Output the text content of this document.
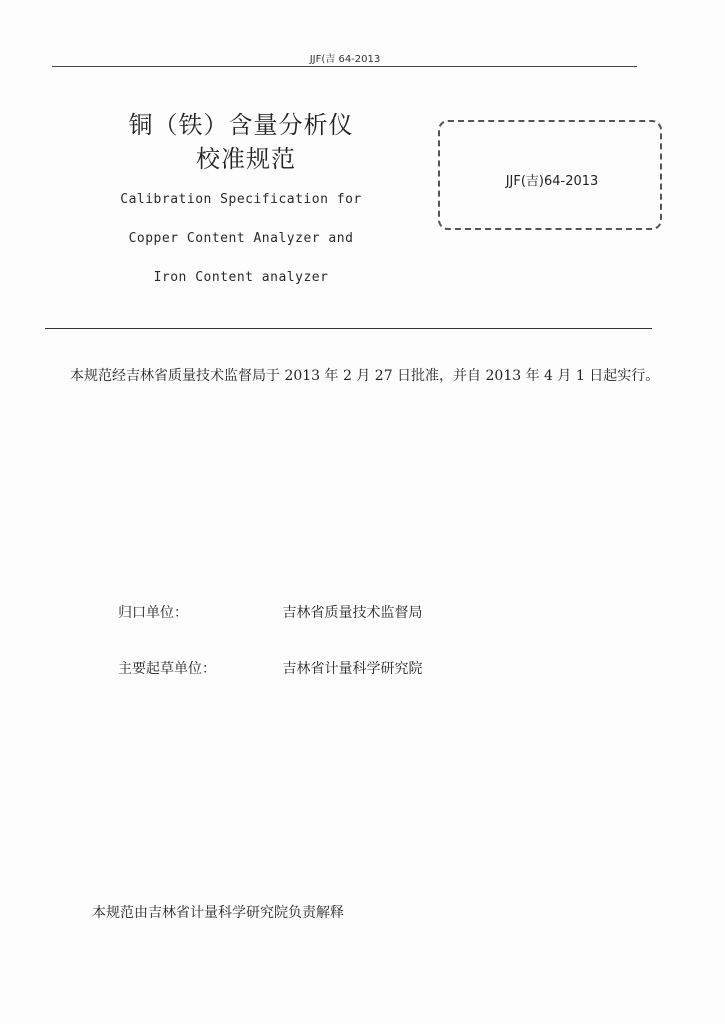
JJF(吉 64-2013
铜（铁）含量分析仪
校准规范
Calibration Specification for
Copper Content Analyzer and
Iron Content analyzer
JJF(吉)64-2013
本规范经吉林省质量技术监督局于 2013 年 2 月 27 日批准，并自 2013 年 4 月 1 日起实行。
归口单位：	吉林省质量技术监督局
主要起草单位：	吉林省计量科学研究院
本规范由吉林省计量科学研究院负责解释
